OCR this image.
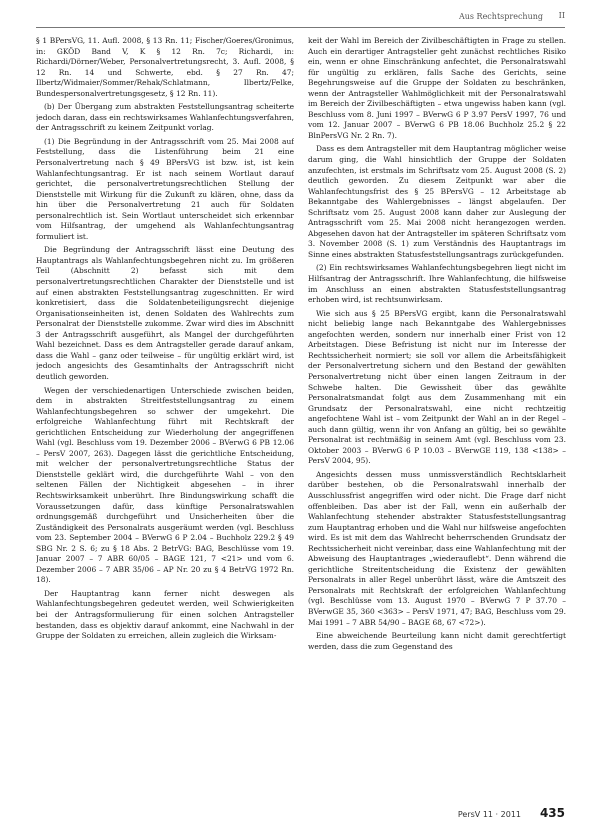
Aus Rechtsprechung II

§ 1 BPersVG, 11. Aufl. 2008, § 13 Rn. 11; Fischer/Goeres/Gronimus, in: GKÖD Band V, K § 12 Rn. 7c; Richardi, in: Richardi/Dörner/Weber, Personalvertretungsrecht, 3. Aufl. 2008, § 12 Rn. 14 und Schwerte, ebd. § 27 Rn. 47; Ilbertz/Widmaier/Sommer/Rehak/Schlatmann, Ilbertz/Felke, Bundespersonalvertretungsgesetz, § 12 Rn. 11).

(b) Der Übergang zum abstrakten Feststellungsantrag scheiterte jedoch daran, dass ein rechtswirksames Wahlanfechtungsverfahren, der Antragsschrift zu keinem Zeitpunkt vorlag.

(1) Die Begründung in der Antragsschrift vom 25. Mai 2008 auf Feststellung, dass die Listenführung beim 21 eine Personalvertretung nach § 49 BPersVG ist bzw. ist, ist kein Wahlanfechtungsantrag. Er ist nach seinem Wortlaut darauf gerichtet, die personalvertretungsrechtlichen Stellung der Dienststelle mit Wirkung für die Zukunft zu klären, ohne, dass da hin über die Personalvertretung 21 auch für Soldaten personalrechtlich ist. Sein Wortlaut unterscheidet sich erkennbar vom Hilfsantrag, der umgehend als Wahlanfechtungsantrag formuliert ist.

Die Begründung der Antragsschrift lässt eine Deutung des Hauptantrags als Wahlanfechtungsbegehren nicht zu. Im größeren Teil (Abschnitt 2) befasst sich mit dem personalvertretungsrechtlichen Charakter der Dienststelle und ist auf einen abstrakten Feststellungsantrag zugeschnitten. Er wird konkretisiert, dass die Soldatenbeteiligungsrecht diejenige Organisationseinheiten ist, denen Soldaten des Wahlrechts zum Personalrat der Dienststelle zukomme. Zwar wird dies im Abschnitt 3 der Antragsschrift ausgeführt, als Mangel der durchgeführten Wahl bezeichnet. Dass es dem Antragsteller gerade darauf ankam, dass die Wahl – ganz oder teilweise – für ungültig erklärt wird, ist jedoch angesichts des Gesamtinhalts der Antragsschrift nicht deutlich geworden.

Wegen der verschiedenartigen Unterschiede zwischen beiden, dem in abstrakten Streitfeststellungsantrag zu einem Wahlanfechtungsbegehren so schwer der umgekehrt. Die erfolgreiche Wahlanfechtung führt mit Rechtskraft der gerichtlichen Entscheidung zur Wiederholung der angegriffenen Wahl (vgl. Beschluss vom 19. Dezember 2006 – BVerwG 6 PB 12.06 – PersV 2007, 263). Dagegen lässt die gerichtliche Entscheidung, mit welcher der personalvertretungsrechtliche Status der Dienststelle geklärt wird, die durchgeführte Wahl – von den seltenen Fällen der Nichtigkeit abgesehen – in ihrer Rechtswirksamkeit unberührt. Ihre Bindungswirkung schafft die Voraussetzungen dafür, dass künftige Personalratswahlen ordnungsgemäß durchgeführt und Unsicherheiten über die Zuständigkeit des Personalrats ausgeräumt werden (vgl. Beschluss vom 23. September 2004 – BVerwG 6 P 2.04 – Buchholz 229.2 § 49 SBG Nr. 2 S. 6; zu § 18 Abs. 2 BetrVG: BAG, Beschlüsse vom 19. Januar 2007 – 7 ABR 60/05 – BAGE 121, 7 <21> und vom 6. Dezember 2006 – 7 ABR 35/06 – AP Nr. 20 zu § 4 BetrVG 1972 Rn. 18).

Der Hauptantrag kann ferner nicht deswegen als Wahlanfechtungsbegehren gedeutet werden, weil Schwierigkeiten bei der Antragsformulierung für einen solchen Antragsteller bestanden, dass es objektiv darauf ankommt, eine Nachwahl in der Gruppe der Soldaten zu erreichen, allein zugleich die Wirksam-

keit der Wahl im Bereich der Zivilbeschäftigten in Frage zu stellen. Auch ein derartiger Antragsteller geht zunächst rechtliches Risiko ein, wenn er ohne Einschränkung anfechtet, die Personalratswahl für ungültig zu erklären, falls Sache des Gerichts, seine Begehrungsweise auf die Gruppe der Soldaten zu beschränken, wenn der Antragsteller Wahlmöglichkeit mit der Personalratswahl im Bereich der Zivilbeschäftigten – etwa ungewiss haben kann (vgl. Beschluss vom 8. Juni 1997 – BVerwG 6 P 3.97 PersV 1997, 76 und vom 12. Januar 2007 – BVerwG 6 PB 18.06 Buchholz 25.2 § 22 BlnPersVG Nr. 2 Rn. 7).

Dass es dem Antragsteller mit dem Hauptantrag möglicher weise darum ging, die Wahl hinsichtlich der Gruppe der Soldaten anzufechten, ist erstmals im Schriftsatz vom 25. August 2008 (S. 2) deutlich geworden. Zu diesem Zeitpunkt war aber die Wahlanfechtungsfrist des § 25 BPersVG – 12 Arbeitstage ab Bekanntgabe des Wahlergebnisses – längst abgelaufen. Der Schriftsatz vom 25. August 2008 kann daher zur Auslegung der Antragsschrift vom 25. Mai 2008 nicht herangezogen werden. Abgesehen davon hat der Antragsteller im späteren Schriftsatz vom 3. November 2008 (S. 1) zum Verständnis des Hauptantrags im Sinne eines abstrakten Statusfeststellungsantrags zurückgefunden.

(2) Ein rechtswirksames Wahlanfechtungsbegehren liegt nicht im Hilfsantrag der Antragsschrift. Ihre Wahlanfechtung, die hilfsweise im Anschluss an einen abstrakten Statusfeststellungsantrag erhoben wird, ist rechtsunwirksam.

Wie sich aus § 25 BPersVG ergibt, kann die Personalratswahl nicht beliebig lange nach Bekanntgabe des Wahlergebnisses angefochten werden, sondern nur innerhalb einer Frist von 12 Arbeitstagen. Diese Befristung ist nicht nur im Interesse der Rechtssicherheit normiert; sie soll vor allem die Arbeitsfähigkeit der Personalvertretung sichern und den Bestand der gewählten Personalvertretung nicht über einen langen Zeitraum in der Schwebe halten. Die Gewissheit über das gewählte Personalratsmandat folgt aus dem Zusammenhang mit ein Grundsatz der Personalratswahl, eine nicht rechtzeitig angefochtene Wahl ist – vom Zeitpunkt der Wahl an in der Regel – auch dann gültig, wenn ihr von Anfang an gültig, bei so gewählte Personalrat ist rechtmäßig in seinem Amt (vgl. Beschluss vom 23. Oktober 2003 – BVerwG 6 P 10.03 – BVerwGE 119, 138 <138> – PersV 2004, 95).

Angesichts dessen muss unmissverständlich Rechtsklarheit darüber bestehen, ob die Personalratswahl innerhalb der Ausschlussfrist angegriffen wird oder nicht. Die Frage darf nicht offenbleiben. Das aber ist der Fall, wenn ein außerhalb der Wahlanfechtung stehender abstrakter Statusfeststellungsantrag zum Hauptantrag erhoben und die Wahl nur hilfsweise angefochten wird. Es ist mit dem das Wahlrecht beherrschenden Grundsatz der Rechtssicherheit nicht vereinbar, dass eine Wahlanfechtung mit der Abweisung des Hauptantrages „wiederauflebt“. Denn während die gerichtliche Streitentscheidung die Existenz der gewählten Personalrats in aller Regel unberührt lässt, wäre die Amtszeit des Personalrats mit Rechtskraft der erfolgreichen Wahlanfechtung (vgl. Beschlüsse vom 13. August 1970 – BVerwG 7 P 37.70 – BVerwGE 35, 360 <363> – PersV 1971, 47; BAG, Beschluss vom 29. Mai 1991 – 7 ABR 54/90 – BAGE 68, 67 <72>).

Eine abweichende Beurteilung kann nicht damit gerechtfertigt werden, dass die zum Gegenstand des

PersV 11 · 2011 435
